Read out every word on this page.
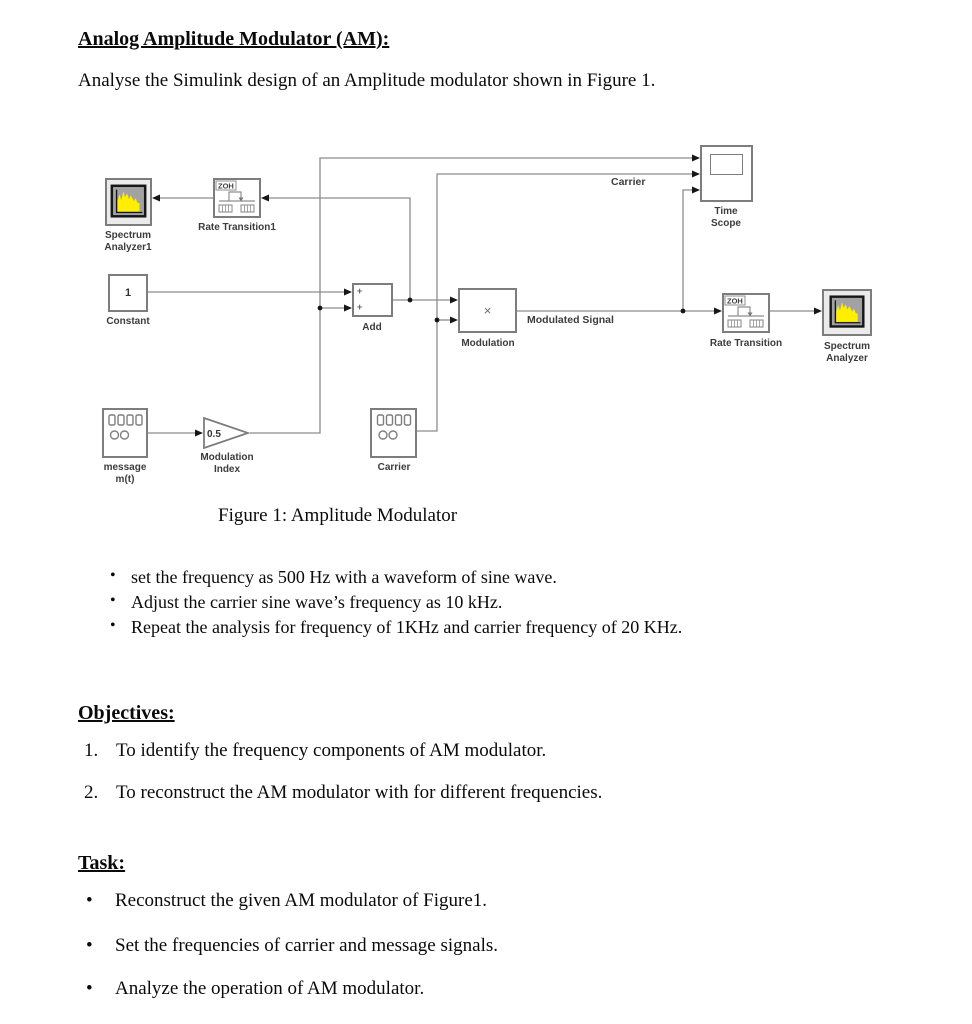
Analog Amplitude Modulator (AM):
Analyse the Simulink design of an Amplitude modulator shown in Figure 1.
Spectrum
Analyzer1
ZOH
Rate Transition1
Time
Scope
Carrier
1
Constant
+
+
Add
×
Modulation
Modulated Signal
ZOH
Rate Transition	Spectrum
Analyzer
message
m(t)
0.5
Modulation
Index	Carrier
Figure 1: Amplitude Modulator
• set the frequency as 500 Hz with a waveform of sine wave.
• Adjust the carrier sine wave’s frequency as 10 kHz.
• Repeat the analysis for frequency of 1KHz and carrier frequency of 20 KHz.
Objectives:
1. To identify the frequency components of AM modulator.
2. To reconstruct the AM modulator with for different frequencies.
Task:
•	Reconstruct the given AM modulator of Figure1.
•	Set the frequencies of carrier and message signals.
•	Analyze the operation of AM modulator.
